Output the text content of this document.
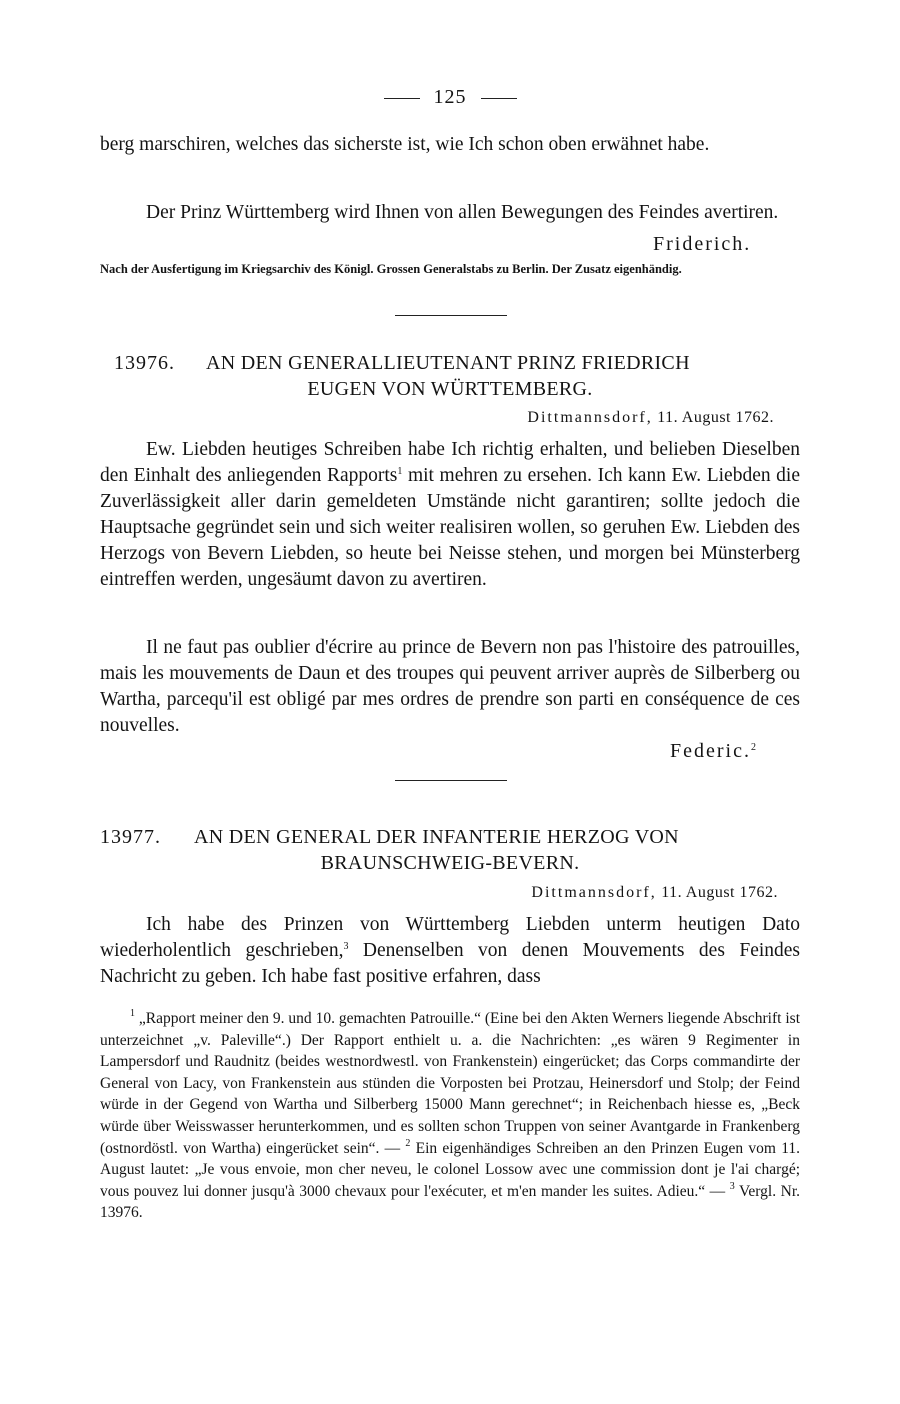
125
berg marschiren, welches das sicherste ist, wie Ich schon oben erwähnet habe.
Der Prinz Württemberg wird Ihnen von allen Bewegungen des Feindes avertiren.
Friderich.
Nach der Ausfertigung im Kriegsarchiv des Königl. Grossen Generalstabs zu Berlin. Der Zusatz eigenhändig.
13976. AN DEN GENERALLIEUTENANT PRINZ FRIEDRICH
EUGEN VON WÜRTTEMBERG.
Dittmannsdorf, 11. August 1762.
Ew. Liebden heutiges Schreiben habe Ich richtig erhalten, und belieben Dieselben den Einhalt des anliegenden Rapports$^1$ mit mehren zu ersehen. Ich kann Ew. Liebden die Zuverlässigkeit aller darin gemeldeten Umstände nicht garantiren; sollte jedoch die Hauptsache gegründet sein und sich weiter realisiren wollen, so geruhen Ew. Liebden des Herzogs von Bevern Liebden, so heute bei Neisse stehen, und morgen bei Münsterberg eintreffen werden, ungesäumt davon zu avertiren.
Il ne faut pas oublier d'écrire au prince de Bevern non pas l'histoire des patrouilles, mais les mouvements de Daun et des troupes qui peuvent arriver auprès de Silberberg ou Wartha, parcequ'il est obligé par mes ordres de prendre son parti en conséquence de ces nouvelles.
Federic.$^2$
13977. AN DEN GENERAL DER INFANTERIE HERZOG VON
BRAUNSCHWEIG-BEVERN.
Dittmannsdorf, 11. August 1762.
Ich habe des Prinzen von Württemberg Liebden unterm heutigen Dato wiederholentlich geschrieben,$^3$ Denenselben von denen Mouvements des Feindes Nachricht zu geben. Ich habe fast positive erfahren, dass

$^1$ „Rapport meiner den 9. und 10. gemachten Patrouille.“ (Eine bei den Akten Werners liegende Abschrift ist unterzeichnet „v. Paleville“.) Der Rapport enthielt u. a. die Nachrichten: „es wären 9 Regimenter in Lampersdorf und Raudnitz (beides westnordwestl. von Frankenstein) eingerücket; das Corps commandirte der General von Lacy, von Frankenstein aus stünden die Vorposten bei Protzau, Heinersdorf und Stolp; der Feind würde in der Gegend von Wartha und Silberberg 15000 Mann gerechnet“; in Reichenbach hiesse es, „Beck würde über Weisswasser herunterkommen, und es sollten schon Truppen von seiner Avantgarde in Frankenberg (ostnordöstl. von Wartha) eingerücket sein“. — $^2$ Ein eigenhändiges Schreiben an den Prinzen Eugen vom 11. August lautet: „Je vous envoie, mon cher neveu, le colonel Lossow avec une commission dont je l'ai chargé; vous pouvez lui donner jusqu'à 3000 chevaux pour l'exécuter, et m'en mander les suites. Adieu.“ — $^3$ Vergl. Nr. 13976.
